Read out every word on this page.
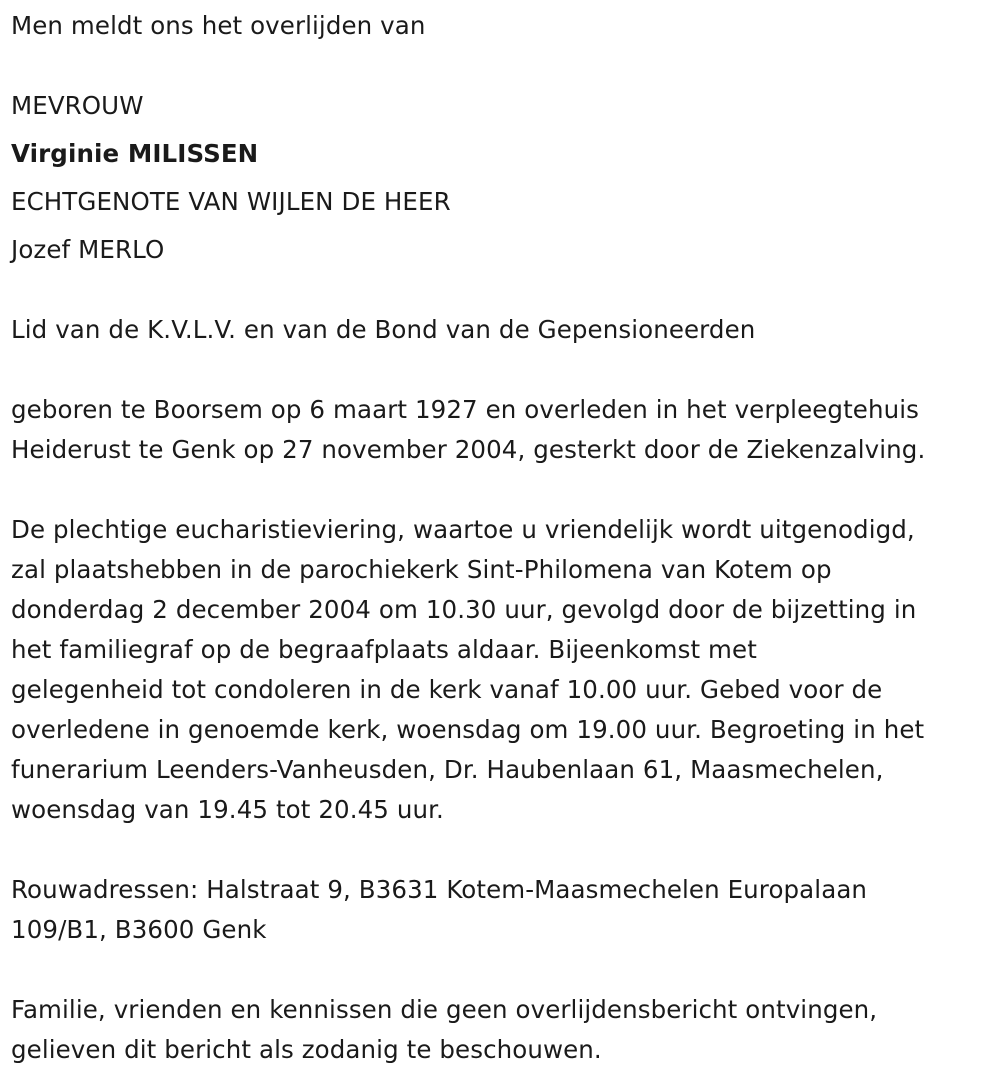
Men meldt ons het overlijden van
MEVROUW
Virginie MILISSEN
ECHTGENOTE VAN WIJLEN DE HEER
Jozef MERLO
Lid van de K.V.L.V. en van de Bond van de Gepensioneerden
geboren te Boorsem op 6 maart 1927 en overleden in het verpleegtehuis
Heiderust te Genk op 27 november 2004, gesterkt door de Ziekenzalving.
De plechtige eucharistieviering, waartoe u vriendelijk wordt uitgenodigd,
zal plaatshebben in de parochiekerk Sint-Philomena van Kotem op
donderdag 2 december 2004 om 10.30 uur, gevolgd door de bijzetting in
het familiegraf op de begraafplaats aldaar. Bijeenkomst met
gelegenheid tot condoleren in de kerk vanaf 10.00 uur. Gebed voor de
overledene in genoemde kerk, woensdag om 19.00 uur. Begroeting in het
funerarium Leenders-Vanheusden, Dr. Haubenlaan 61, Maasmechelen,
woensdag van 19.45 tot 20.45 uur.
Rouwadressen: Halstraat 9, B3631 Kotem-Maasmechelen Europalaan
109/B1, B3600 Genk
Familie, vrienden en kennissen die geen overlijdensbericht ontvingen,
gelieven dit bericht als zodanig te beschouwen.
